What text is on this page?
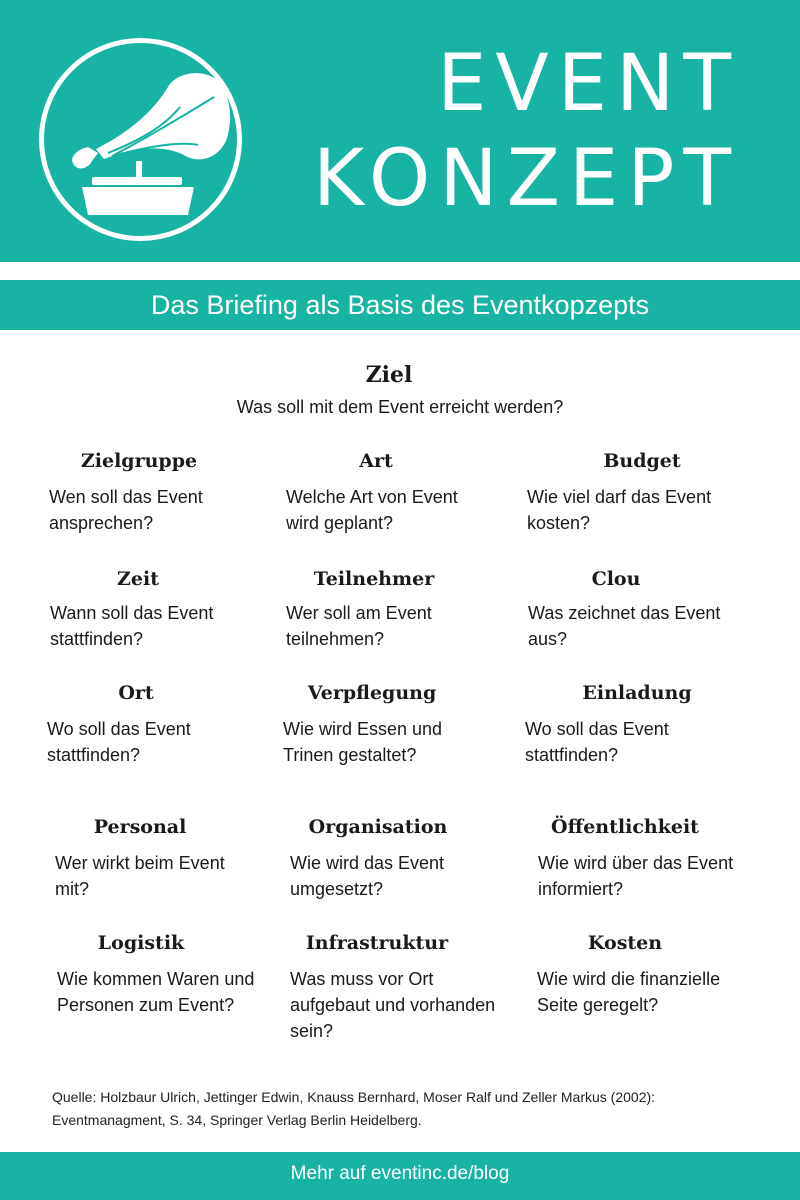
EVENT
KONZEPT
Das Briefing als Basis des Eventkopzepts
Ziel
Was soll mit dem Event erreicht werden?
Zielgruppe
Wen soll das Event
ansprechen?
Art
Welche Art von Event
wird geplant?
Budget
Wie viel darf das Event
kosten?
Zeit
Wann soll das Event
stattfinden?
Teilnehmer
Wer soll am Event
teilnehmen?
Clou
Was zeichnet das Event
aus?
Ort
Wo soll das Event
stattfinden?
Verpflegung
Wie wird Essen und
Trinen gestaltet?
Einladung
Wo soll das Event
stattfinden?
Personal
Wer wirkt beim Event
mit?
Organisation
Wie wird das Event
umgesetzt?
Öffentlichkeit
Wie wird über das Event
informiert?
Logistik
Wie kommen Waren und
Personen zum Event?
Infrastruktur
Was muss vor Ort
aufgebaut und vorhanden
sein?
Kosten
Wie wird die finanzielle
Seite geregelt?
Quelle: Holzbaur Ulrich, Jettinger Edwin, Knauss Bernhard, Moser Ralf und Zeller Markus (2002):
Eventmanagment, S. 34, Springer Verlag Berlin Heidelberg.
Mehr auf eventinc.de/blog
